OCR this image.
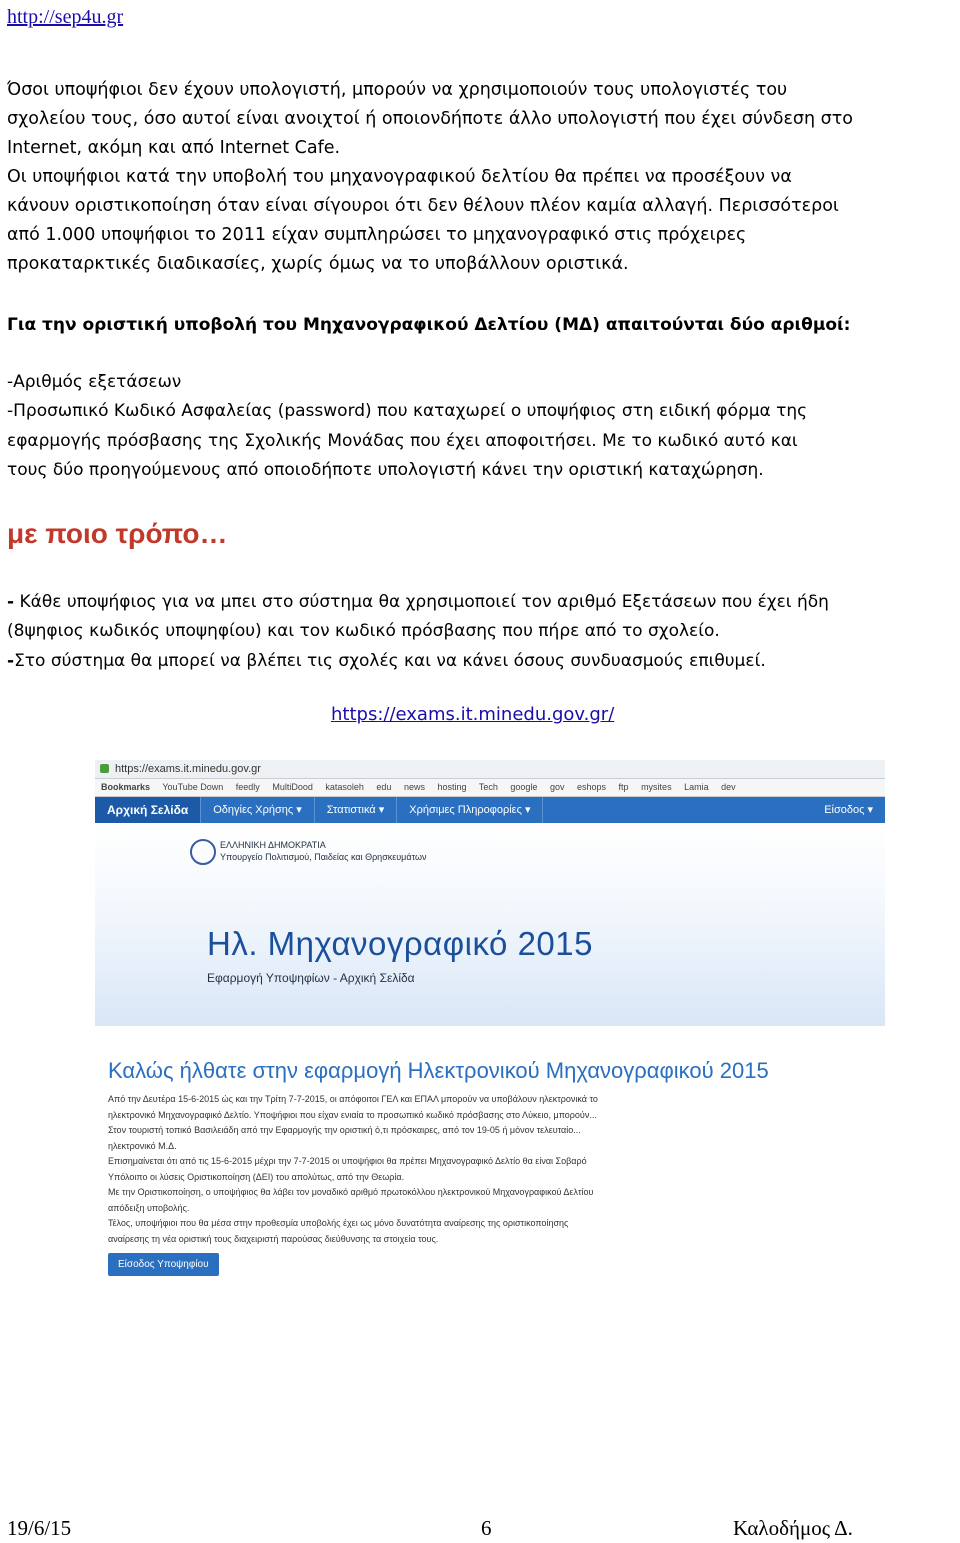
http://sep4u.gr
Όσοι υποψήφιοι δεν έχουν υπολογιστή, μπορούν να χρησιμοποιούν τους υπολογιστές του
σχολείου τους, όσο αυτοί είναι ανοιχτοί ή οποιονδήποτε άλλο υπολογιστή που έχει σύνδεση στο
Internet, ακόμη και από Internet Cafe.
Οι υποψήφιοι κατά την υποβολή του μηχανογραφικού δελτίου θα πρέπει να προσέξουν να
κάνουν οριστικοποίηση όταν είναι σίγουροι ότι δεν θέλουν πλέον καμία αλλαγή. Περισσότεροι
από 1.000 υποψήφιοι το 2011 είχαν συμπληρώσει το μηχανογραφικό στις πρόχειρες
προκαταρκτικές διαδικασίες, χωρίς όμως να το υποβάλλουν οριστικά.
Για την οριστική υποβολή του Μηχανογραφικού Δελτίου (ΜΔ) απαιτούνται δύο αριθμοί:
-Αριθμός εξετάσεων
-Προσωπικό Κωδικό Ασφαλείας (password) που καταχωρεί ο υποψήφιος στη ειδική φόρμα της
εφαρμογής πρόσβασης της Σχολικής Μονάδας που έχει αποφοιτήσει. Με το κωδικό αυτό και
τους δύο προηγούμενους από οποιοδήποτε υπολογιστή κάνει την οριστική καταχώρηση.
με ποιο τρόπο…
- Κάθε υποψήφιος για να μπει στο σύστημα θα χρησιμοποιεί τον αριθμό Εξετάσεων που έχει ήδη
(8ψηφιος κωδικός υποψηφίου) και τον κωδικό πρόσβασης που πήρε από το σχολείο.
-Στο σύστημα θα μπορεί να βλέπει τις σχολές και να κάνει όσους συνδυασμούς επιθυμεί.
https://exams.it.minedu.gov.gr/
https://exams.it.minedu.gov.gr
Bookmarks YouTube Down feedly MultiDood katasoleh edu news hosting Tech google gov eshops ftp mysites Lamia dev
Αρχική Σελίδα	Οδηγίες Χρήσης ▾	Στατιστικά ▾	Χρήσιμες Πληροφορίες ▾	Είσοδος ▾
ΕΛΛΗΝΙΚΗ ΔΗΜΟΚΡΑΤΙΑ
Υπουργείο Πολιτισμού, Παιδείας και Θρησκευμάτων
Ηλ. Μηχανογραφικό 2015
Εφαρμογή Υποψηφίων - Αρχική Σελίδα
Καλώς ήλθατε στην εφαρμογή Ηλεκτρονικού Μηχανογραφικού 2015
Από την Δευτέρα 15-6-2015 ώς και την Τρίτη 7-7-2015, οι απόφοιτοι ΓΕΛ και ΕΠΑΛ μπορούν να υποβάλουν ηλεκτρονικά το
ηλεκτρονικό Μηχανογραφικό Δελτίο. Υποψήφιοι που είχαν ενιαία το προσωπικό κωδικό πρόσβασης στο Λύκειο, μπορούν...
Στον τουριστή τοπικό Βασιλειάδη από την Εφαρμογής την οριστική ό,τι πρόσκαιρες, από τον 19-05 ή μόνον τελευταίο...
ηλεκτρονικό Μ.Δ.
Επισημαίνεται ότι από τις 15-6-2015 μέχρι την 7-7-2015 οι υποψήφιοι θα πρέπει Μηχανογραφικό Δελτίο θα είναι Σοβαρό
Υπόλοιπο οι λύσεις Οριστικοποίηση (ΔΕΙ) του απολύτως, από την Θεωρία.
Με την Οριστικοποίηση, ο υποψήφιος θα λάβει τον μοναδικό αριθμό πρωτοκόλλου ηλεκτρονικού Μηχανογραφικού Δελτίου
απόδειξη υποβολής.
Τέλος, υποψήφιοι που θα μέσα στην προθεσμία υποβολής έχει ως μόνο δυνατότητα αναίρεσης της οριστικοποίησης
αναίρεσης τη νέα οριστική τους διαχειριστή παρούσας διεύθυνσης τα στοιχεία τους.
Είσοδος Υποψηφίου
19/6/15	6	Καλοδήμος Δ.
